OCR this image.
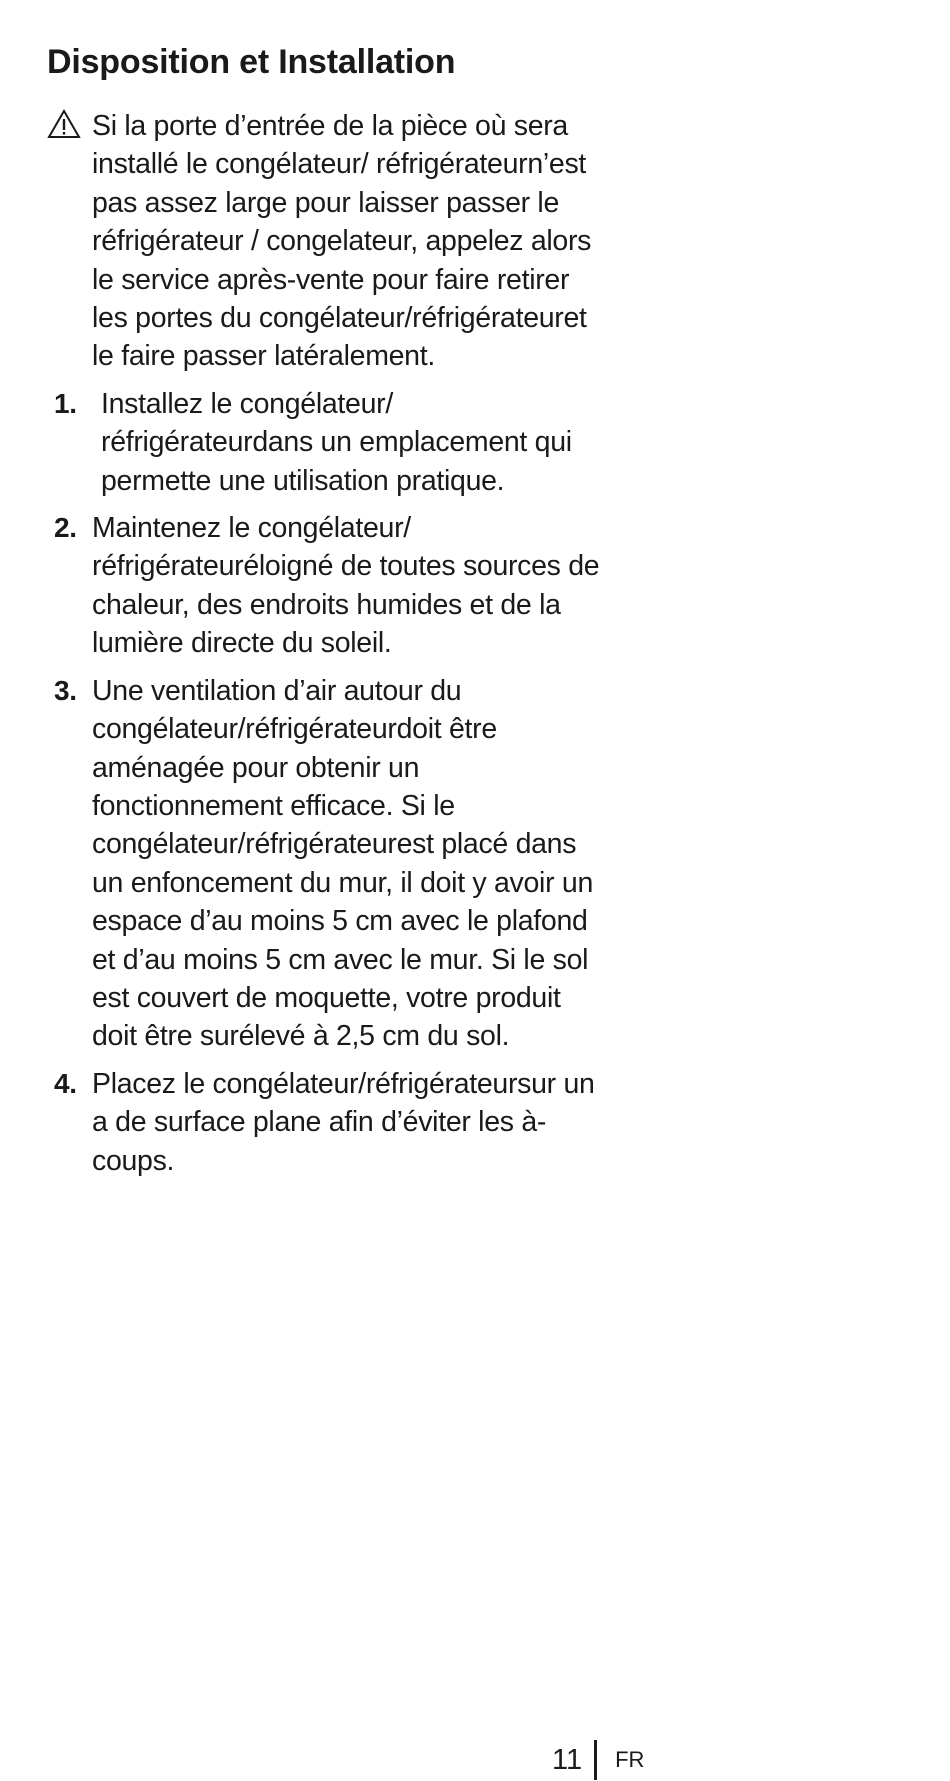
Disposition et Installation
Si la porte d’entrée de la pièce où sera installé le congélateur/ réfrigérateurn’est pas assez large pour laisser passer le réfrigérateur / congelateur, appelez alors le service après-vente pour faire retirer les portes du congélateur/réfrigérateuret le faire passer latéralement.
1. Installez le congélateur/ réfrigérateurdans un emplacement qui permette une utilisation pratique.
2. Maintenez le congélateur/ réfrigérateuréloigné de toutes sources de chaleur, des endroits humides et de la lumière directe du soleil.
3. Une ventilation d’air autour du congélateur/réfrigérateurdoit être aménagée pour obtenir un fonctionnement efficace. Si le congélateur/réfrigérateurest placé dans un enfoncement du mur, il doit y avoir un espace d’au moins 5 cm avec le plafond et d’au moins 5 cm avec le mur. Si le sol est couvert de moquette, votre produit doit être surélevé à 2,5 cm du sol.
4. Placez le congélateur/réfrigérateursur un a de surface plane afin d’éviter les à-coups.
11 FR
